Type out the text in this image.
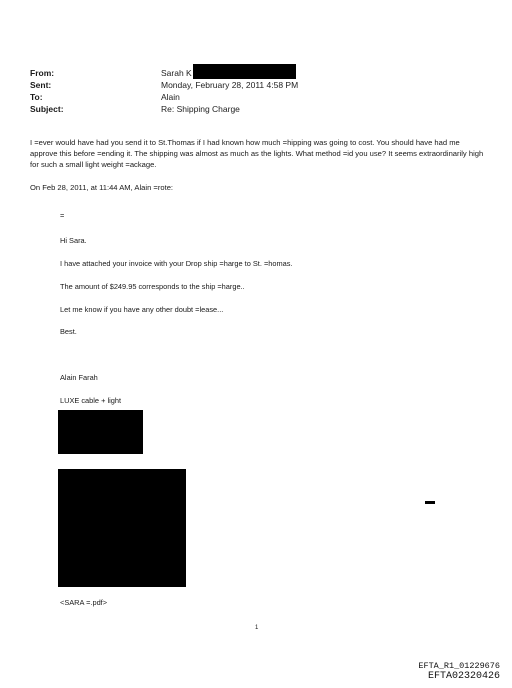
From:	Sarah K
Sent:	Monday, February 28, 2011 4:58 PM
To:	Alain
Subject:	Re: Shipping Charge
I =ever would have had you send it to St.Thomas if I had known how much =hipping was going to cost. You should have had me approve this before =ending it. The shipping was almost as much as the lights. What method =id you use? It seems extraordinarily high for such a small light weight =ackage.
On Feb 28, 2011, at 11:44 AM, Alain =rote:
=
Hi Sara.
I have attached your invoice with your Drop ship =harge to St. =homas.
The amount of $249.95 corresponds to the ship =harge..
Let me know if you have any other doubt =lease...
Best.
Alain Farah
LUXE cable + light
<SARA =.pdf>
1
EFTA_R1_01229676
EFTA02320426
